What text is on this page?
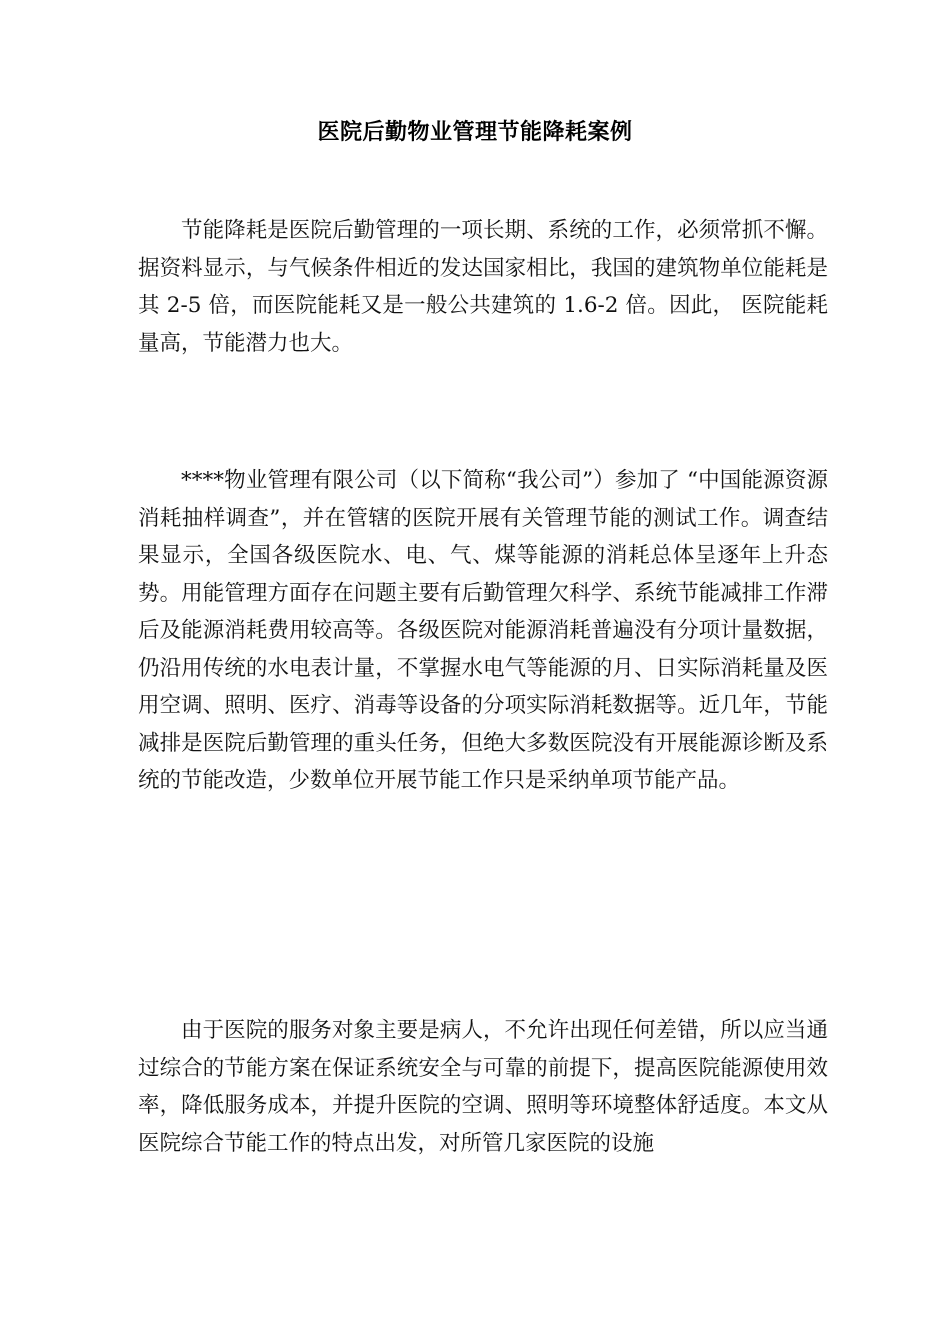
医院后勤物业管理节能降耗案例

节能降耗是医院后勤管理的一项长期、系统的工作，必须常抓不懈。据资料显示，与气候条件相近的发达国家相比，我国的建筑物单位能耗是其 2-5 倍，而医院能耗又是一般公共建筑的 1.6-2 倍。因此， 医院能耗量高，节能潜力也大。

****物业管理有限公司（以下简称“我公司”）参加了 “中国能源资源消耗抽样调查”，并在管辖的医院开展有关管理节能的测试工作。调查结果显示，全国各级医院水、电、气、煤等能源的消耗总体呈逐年上升态势。用能管理方面存在问题主要有后勤管理欠科学、系统节能减排工作滞后及能源消耗费用较高等。各级医院对能源消耗普遍没有分项计量数据，仍沿用传统的水电表计量，不掌握水电气等能源的月、日实际消耗量及医用空调、照明、医疗、消毒等设备的分项实际消耗数据等。近几年，节能减排是医院后勤管理的重头任务，但绝大多数医院没有开展能源诊断及系统的节能改造，少数单位开展节能工作只是采纳单项节能产品。

由于医院的服务对象主要是病人，不允许出现任何差错，所以应当通过综合的节能方案在保证系统安全与可靠的前提下，提高医院能源使用效率，降低服务成本，并提升医院的空调、照明等环境整体舒适度。本文从医院综合节能工作的特点出发，对所管几家医院的设施
